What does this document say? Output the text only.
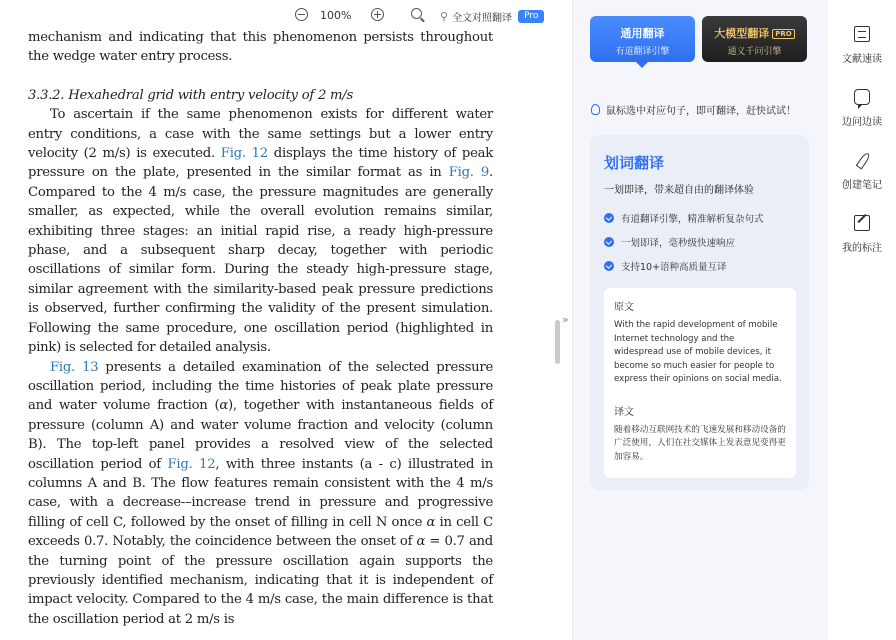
100%	⚲ 全文对照翻译	Pro

mechanism and indicating that this phenomenon persists throughout the wedge water entry process.

3.3.2. Hexahedral grid with entry velocity of 2 m/s

To ascertain if the same phenomenon exists for different water entry conditions, a case with the same settings but a lower entry velocity (2 m/s) is executed. Fig. 12 displays the time history of peak pressure on the plate, presented in the similar format as in Fig. 9. Compared to the 4 m/s case, the pressure magnitudes are generally smaller, as expected, while the overall evolution remains similar, exhibiting three stages: an initial rapid rise, a ready high-pressure phase, and a subsequent sharp decay, together with periodic oscillations of similar form. During the steady high-pressure stage, similar agreement with the similarity-based peak pressure predictions is observed, further confirming the validity of the present simulation. Following the same procedure, one oscillation period (highlighted in pink) is selected for detailed analysis.

Fig. 13 presents a detailed examination of the selected pressure oscillation period, including the time histories of peak plate pressure and water volume fraction (α), together with instantaneous fields of pressure (column A) and water volume fraction and velocity (column B). The top-left panel provides a resolved view of the selected oscillation period of Fig. 12, with three instants (a - c) illustrated in columns A and B. The flow features remain consistent with the 4 m/s case, with a decrease-–increase trend in pressure and progressive filling of cell C, followed by the onset of filling in cell N once α in cell C exceeds 0.7. Notably, the coincidence between the onset of α = 0.7 and the turning point of the pressure oscillation again supports the previously identified mechanism, indicating that it is independent of impact velocity. Compared to the 4 m/s case, the main difference is that the oscillation period at 2 m/s is

»
通用翻译
有道翻译引擎
大模型翻译 PRO
通义千问引擎
鼠标选中对应句子，即可翻译，赶快试试！
划词翻译
一划即译，带来超自由的翻译体验
有道翻译引擎，精准解析复杂句式
一划即译，毫秒级快速响应
支持10+语种高质量互译
原文
With the rapid development of mobile Internet technology and the widespread use of mobile devices, it become so much easier for people to express their opinions on social media.
译文
随着移动互联网技术的飞速发展和移动设备的广泛使用，人们在社交媒体上发表意见变得更加容易。
文献速读
边问边读
创建笔记
我的标注
